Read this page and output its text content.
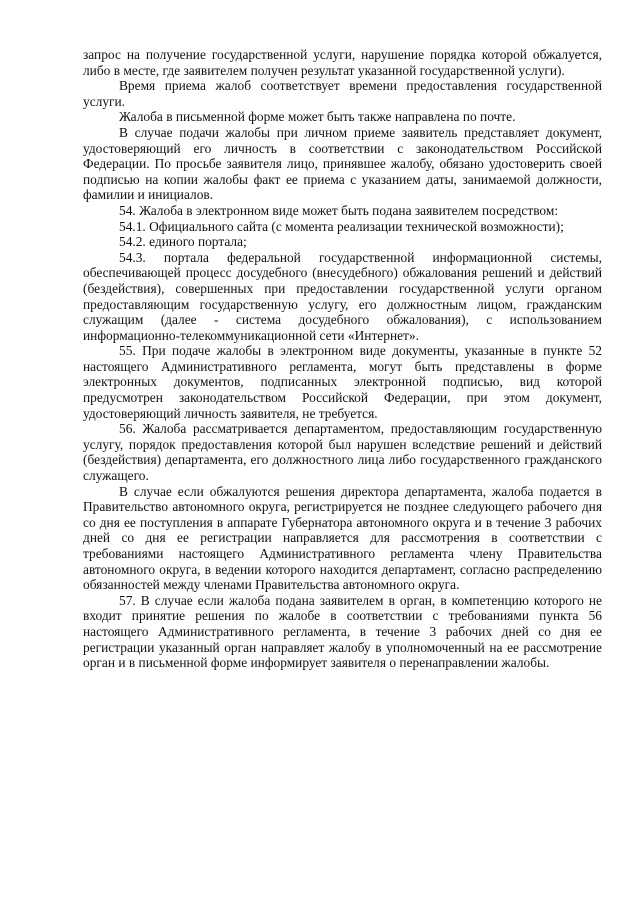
запрос на получение государственной услуги, нарушение порядка которой обжалуется, либо в месте, где заявителем получен результат указанной государственной услуги).

Время приема жалоб соответствует времени предоставления государственной услуги.

Жалоба в письменной форме может быть также направлена по почте.

В случае подачи жалобы при личном приеме заявитель представляет документ, удостоверяющий его личность в соответствии с законодательством Российской Федерации. По просьбе заявителя лицо, принявшее жалобу, обязано удостоверить своей подписью на копии жалобы факт ее приема с указанием даты, занимаемой должности, фамилии и инициалов.

54. Жалоба в электронном виде может быть подана заявителем посредством:

54.1. Официального сайта (с момента реализации технической возможности);

54.2. единого портала;

54.3. портала федеральной государственной информационной системы, обеспечивающей процесс досудебного (внесудебного) обжалования решений и действий (бездействия), совершенных при предоставлении государственной услуги органом предоставляющим государственную услугу, его должностным лицом, гражданским служащим (далее - система досудебного обжалования), с использованием информационно-телекоммуникационной сети «Интернет».

55. При подаче жалобы в электронном виде документы, указанные в пункте 52 настоящего Административного регламента, могут быть представлены в форме электронных документов, подписанных электронной подписью, вид которой предусмотрен законодательством Российской Федерации, при этом документ, удостоверяющий личность заявителя, не требуется.

56. Жалоба рассматривается департаментом, предоставляющим государственную услугу, порядок предоставления которой был нарушен вследствие решений и действий (бездействия) департамента, его должностного лица либо государственного гражданского служащего.

В случае если обжалуются решения директора департамента, жалоба подается в Правительство автономного округа, регистрируется не позднее следующего рабочего дня со дня ее поступления в аппарате Губернатора автономного округа и в течение 3 рабочих дней со дня ее регистрации направляется для рассмотрения в соответствии с требованиями настоящего Административного регламента члену Правительства автономного округа, в ведении которого находится департамент, согласно распределению обязанностей между членами Правительства автономного округа.

57. В случае если жалоба подана заявителем в орган, в компетенцию которого не входит принятие решения по жалобе в соответствии с требованиями пункта 56 настоящего Административного регламента, в течение 3 рабочих дней со дня ее регистрации указанный орган направляет жалобу в уполномоченный на ее рассмотрение орган и в письменной форме информирует заявителя о перенаправлении жалобы.
